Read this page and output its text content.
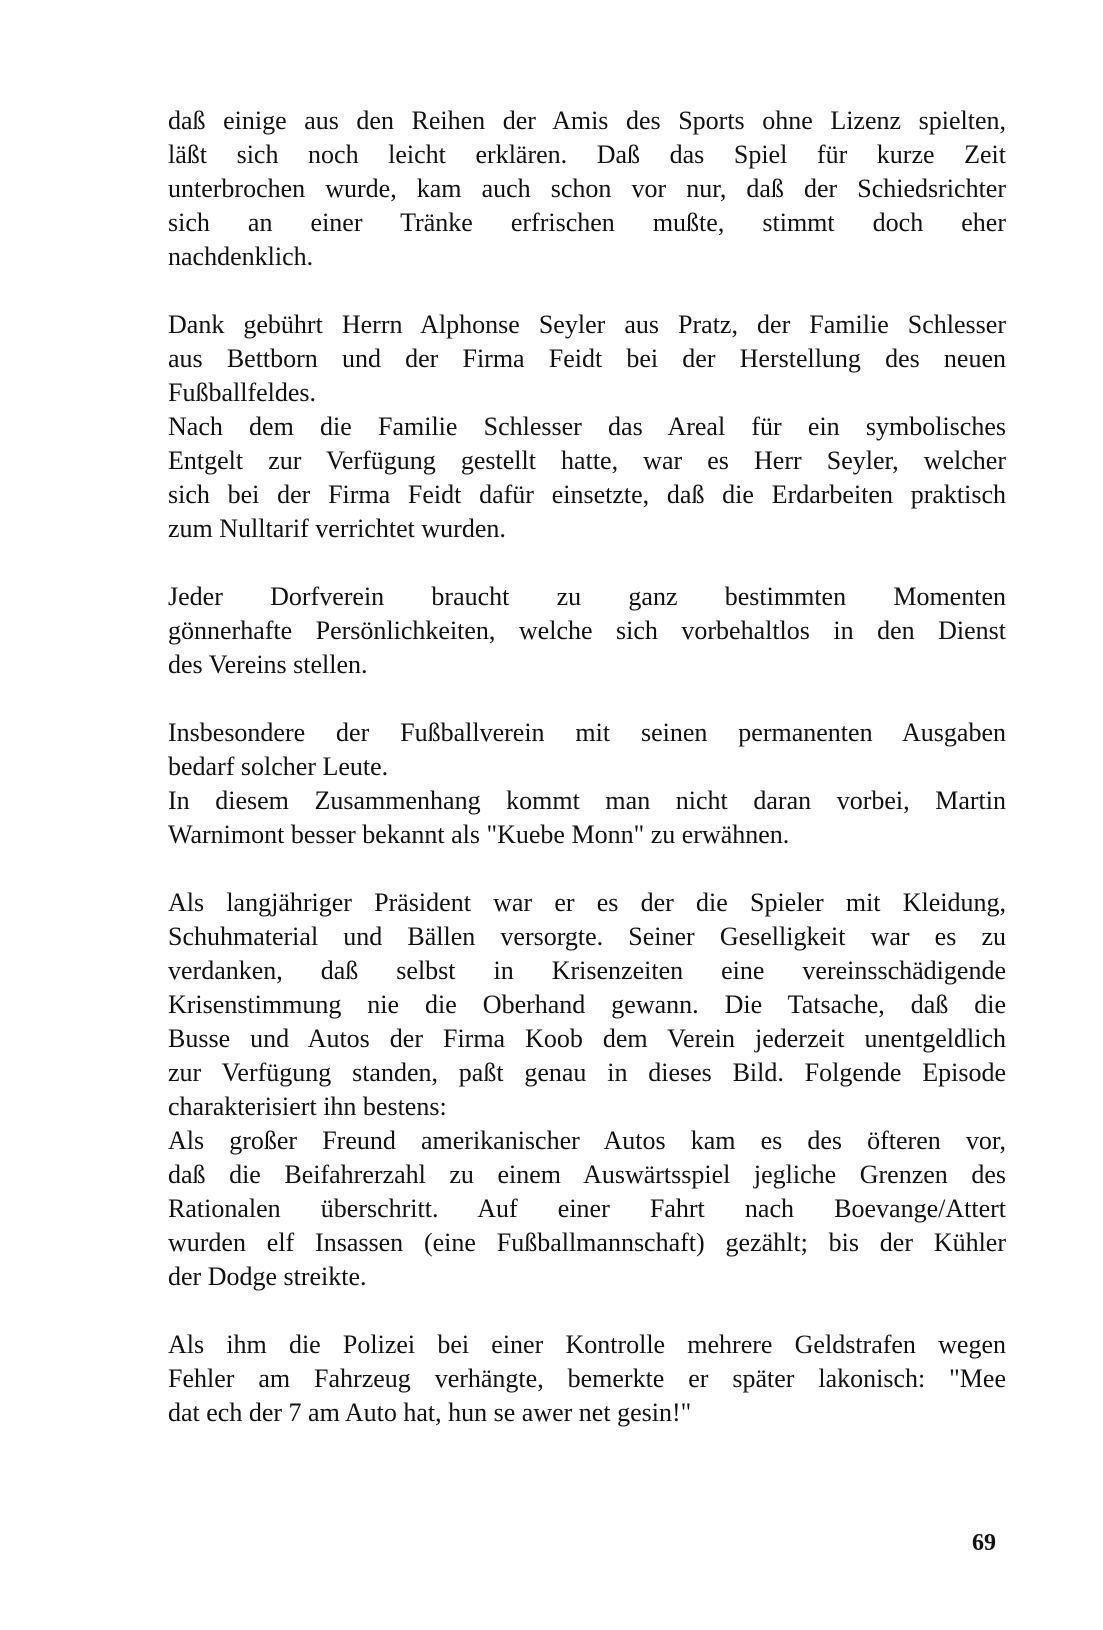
daß einige aus den Reihen der Amis des Sports ohne Lizenz spielten,
läßt sich noch leicht erklären. Daß das Spiel für kurze Zeit
unterbrochen wurde, kam auch schon vor nur, daß der Schiedsrichter
sich an einer Tränke erfrischen mußte, stimmt doch eher
nachdenklich.

Dank gebührt Herrn Alphonse Seyler aus Pratz, der Familie Schlesser
aus Bettborn und der Firma Feidt bei der Herstellung des neuen
Fußballfeldes.

Nach dem die Familie Schlesser das Areal für ein symbolisches
Entgelt zur Verfügung gestellt hatte, war es Herr Seyler, welcher
sich bei der Firma Feidt dafür einsetzte, daß die Erdarbeiten praktisch
zum Nulltarif verrichtet wurden.

Jeder Dorfverein braucht zu ganz bestimmten Momenten
gönnerhafte Persönlichkeiten, welche sich vorbehaltlos in den Dienst
des Vereins stellen.

Insbesondere der Fußballverein mit seinen permanenten Ausgaben
bedarf solcher Leute.

In diesem Zusammenhang kommt man nicht daran vorbei, Martin
Warnimont besser bekannt als "Kuebe Monn" zu erwähnen.

Als langjähriger Präsident war er es der die Spieler mit Kleidung,
Schuhmaterial und Bällen versorgte. Seiner Geselligkeit war es zu
verdanken, daß selbst in Krisenzeiten eine vereinsschädigende
Krisenstimmung nie die Oberhand gewann. Die Tatsache, daß die
Busse und Autos der Firma Koob dem Verein jederzeit unentgeldlich
zur Verfügung standen, paßt genau in dieses Bild. Folgende Episode
charakterisiert ihn bestens:

Als großer Freund amerikanischer Autos kam es des öfteren vor,
daß die Beifahrerzahl zu einem Auswärtsspiel jegliche Grenzen des
Rationalen überschritt. Auf einer Fahrt nach Boevange/Attert
wurden elf Insassen (eine Fußballmannschaft) gezählt; bis der Kühler
der Dodge streikte.

Als ihm die Polizei bei einer Kontrolle mehrere Geldstrafen wegen
Fehler am Fahrzeug verhängte, bemerkte er später lakonisch: "Mee
dat ech der 7 am Auto hat, hun se awer net gesin!"

69
